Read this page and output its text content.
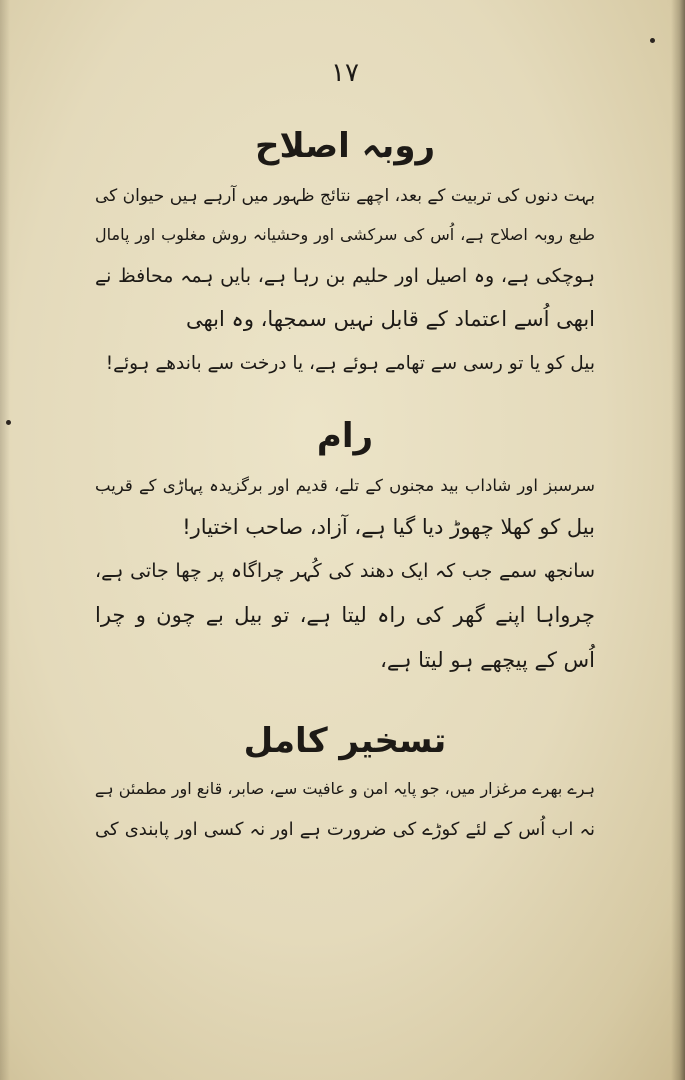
۱۷
روبہ اصلاح
بہت دنوں کی تربیت کے بعد، اچھے نتائج ظہور میں آرہے ہیں حیوان کی
طبع روبہ اصلاح ہے، اُس کی سرکشی اور وحشیانہ روش مغلوب اور پامال
ہوچکی ہے، وہ اصیل اور حلیم بن رہا ہے، بایں ہمہ محافظ نے
ابھی اُسے اعتماد کے قابل نہیں سمجھا، وہ ابھی
بیل کو یا تو رسی سے تھامے ہوئے ہے، یا درخت سے باندھے ہوئے!
رام
سرسبز اور شاداب بید مجنوں کے تلے، قدیم اور برگزیدہ پہاڑی کے قریب
بیل کو کھلا چھوڑ دیا گیا ہے، آزاد، صاحب اختیار!
سانجھ سمے جب کہ ایک دھند کی کُہر چراگاہ پر چھا جاتی ہے،
چرواہا اپنے گھر کی راہ لیتا ہے، تو بیل بے چون و چرا
اُس کے پیچھے ہو لیتا ہے،
تسخیر کامل
ہرے بھرے مرغزار میں، جو پایہ امن و عافیت سے، صابر، قانع اور مطمئن ہے
نہ اب اُس کے لئے کوڑے کی ضرورت ہے اور نہ کسی اور پابندی کی
